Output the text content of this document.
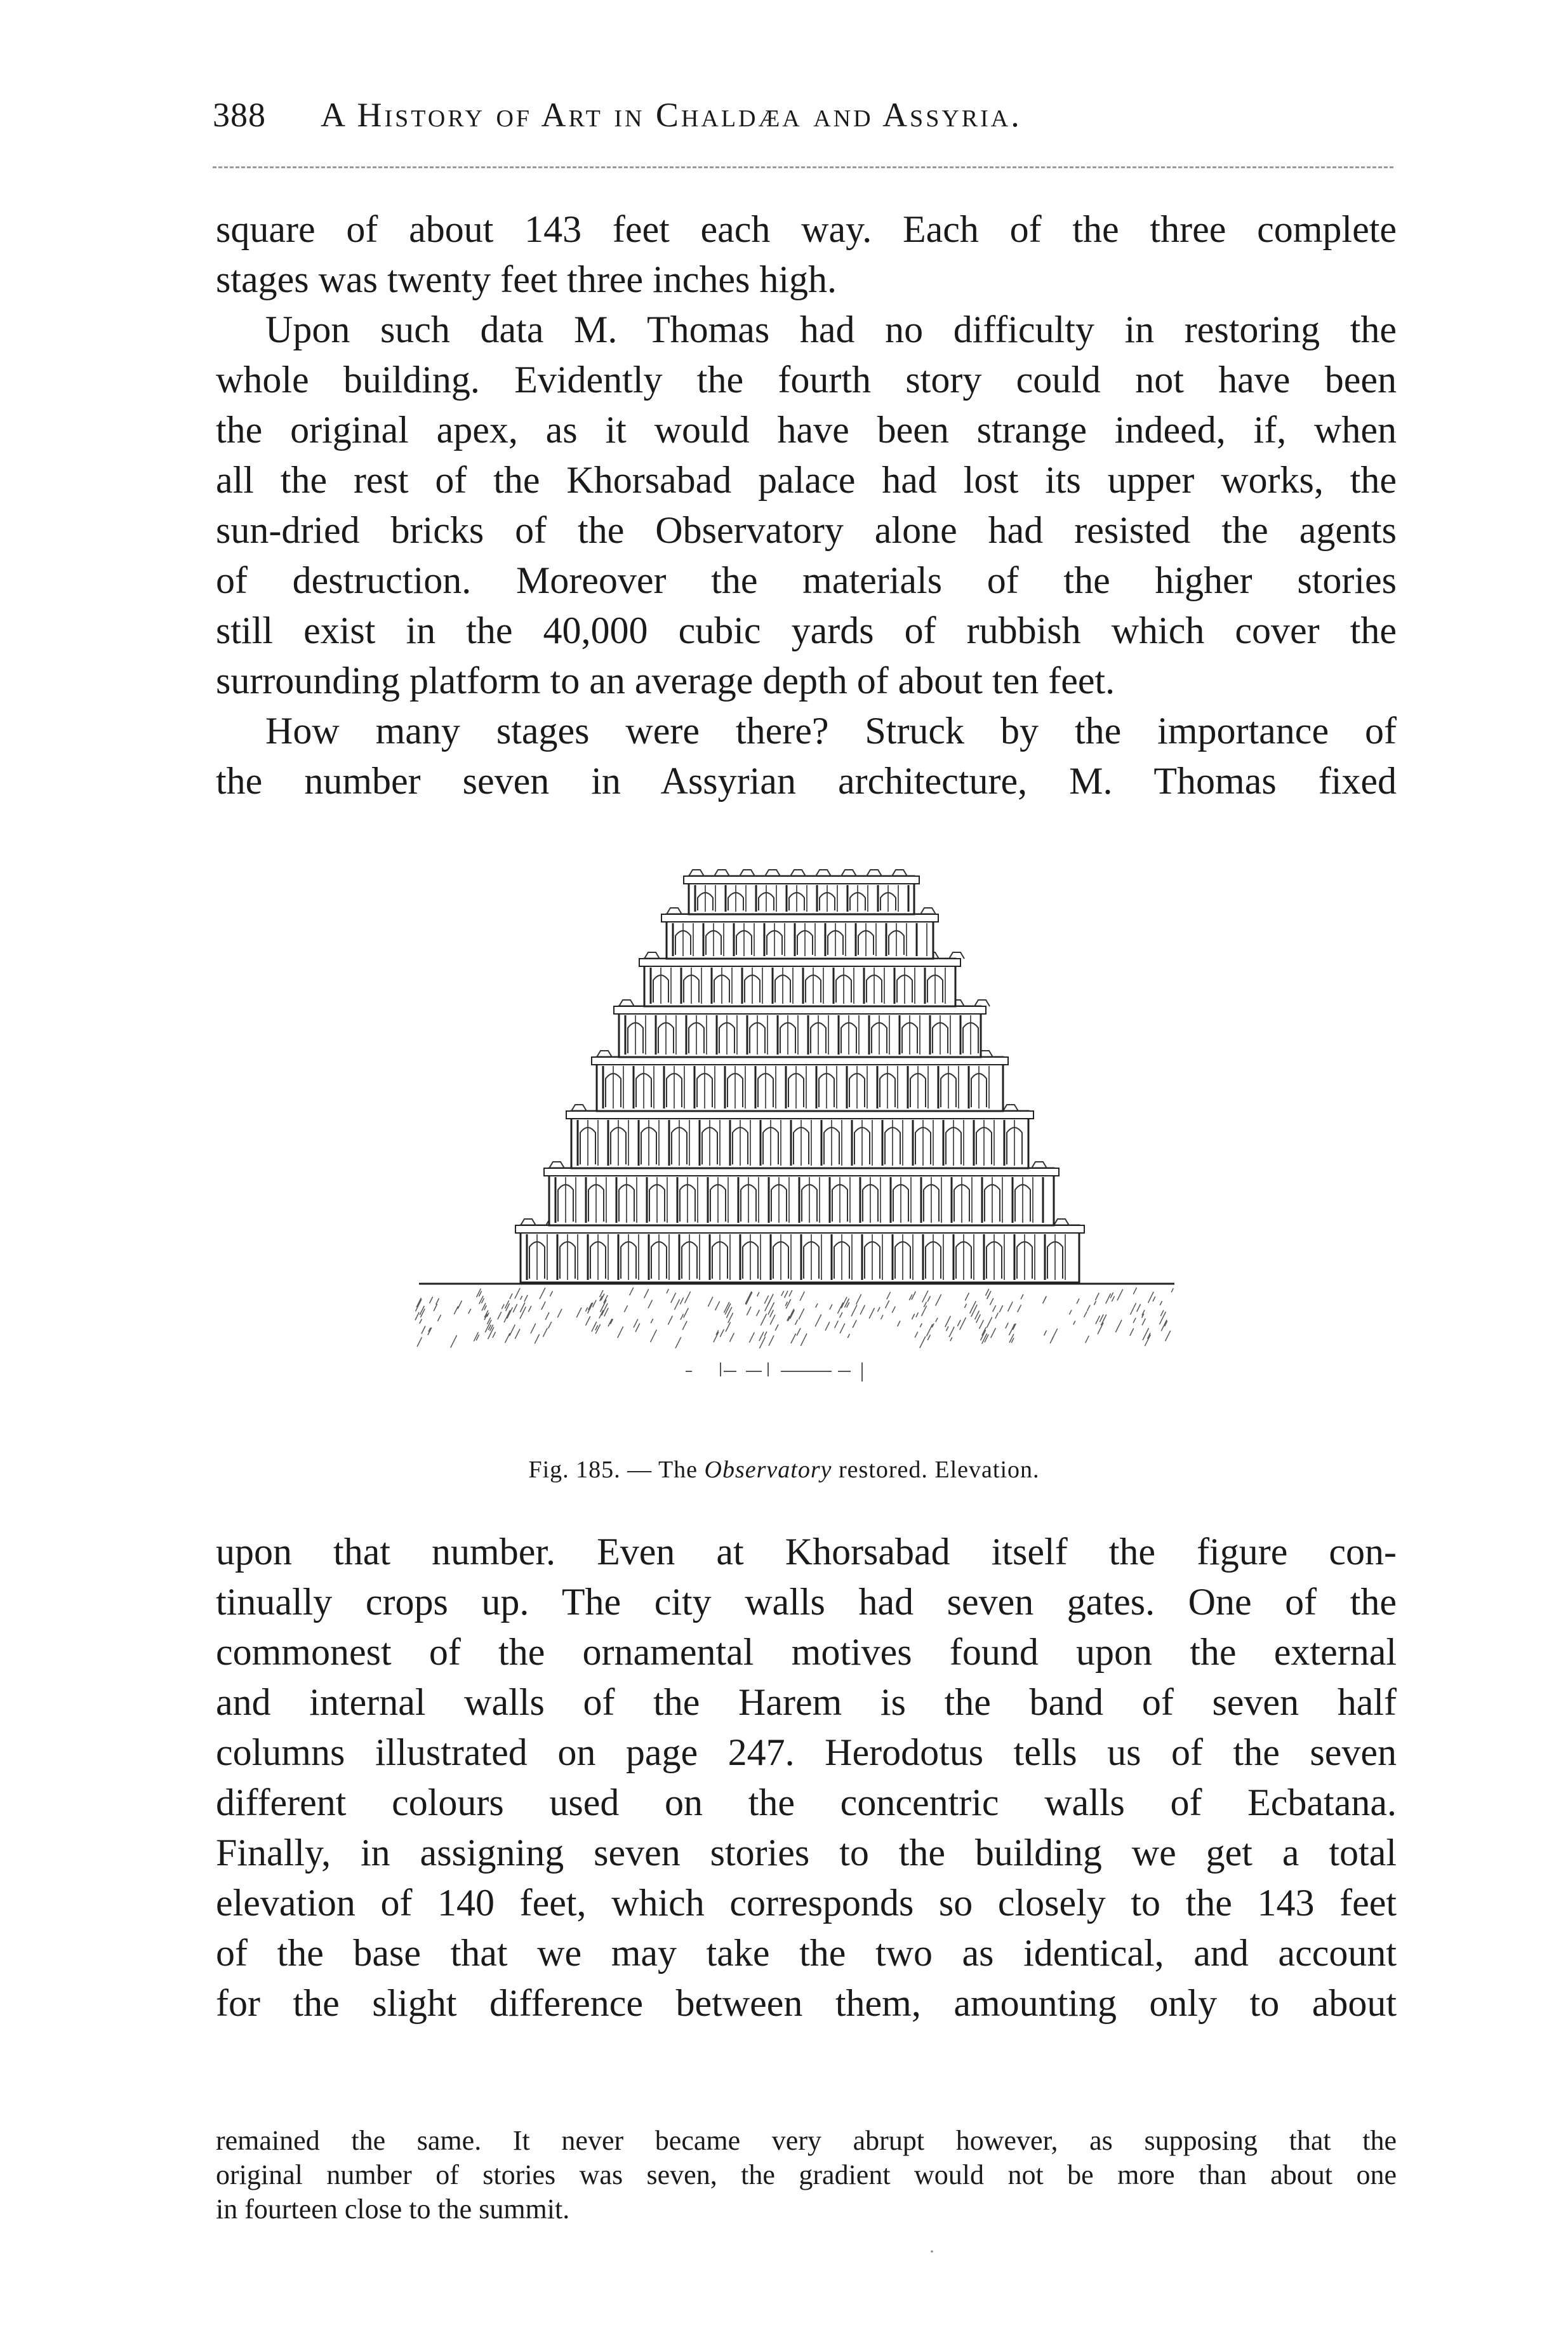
388	A History of Art in Chaldæa and Assyria.
square of about 143 feet each way. Each of the three complete
stages was twenty feet three inches high.
Upon such data M. Thomas had no difficulty in restoring the
whole building. Evidently the fourth story could not have been
the original apex, as it would have been strange indeed, if, when
all the rest of the Khorsabad palace had lost its upper works, the
sun-dried bricks of the Observatory alone had resisted the agents
of destruction. Moreover the materials of the higher stories
still exist in the 40,000 cubic yards of rubbish which cover the
surrounding platform to an average depth of about ten feet.
How many stages were there? Struck by the importance of
the number seven in Assyrian architecture, M. Thomas fixed
Fig. 185. — The Observatory restored. Elevation.
upon that number. Even at Khorsabad itself the figure con-
tinually crops up. The city walls had seven gates. One of the
commonest of the ornamental motives found upon the external
and internal walls of the Harem is the band of seven half
columns illustrated on page 247. Herodotus tells us of the seven
different colours used on the concentric walls of Ecbatana.
Finally, in assigning seven stories to the building we get a total
elevation of 140 feet, which corresponds so closely to the 143 feet
of the base that we may take the two as identical, and account
for the slight difference between them, amounting only to about
remained the same. It never became very abrupt however, as supposing that the
original number of stories was seven, the gradient would not be more than about one
in fourteen close to the summit.
·
